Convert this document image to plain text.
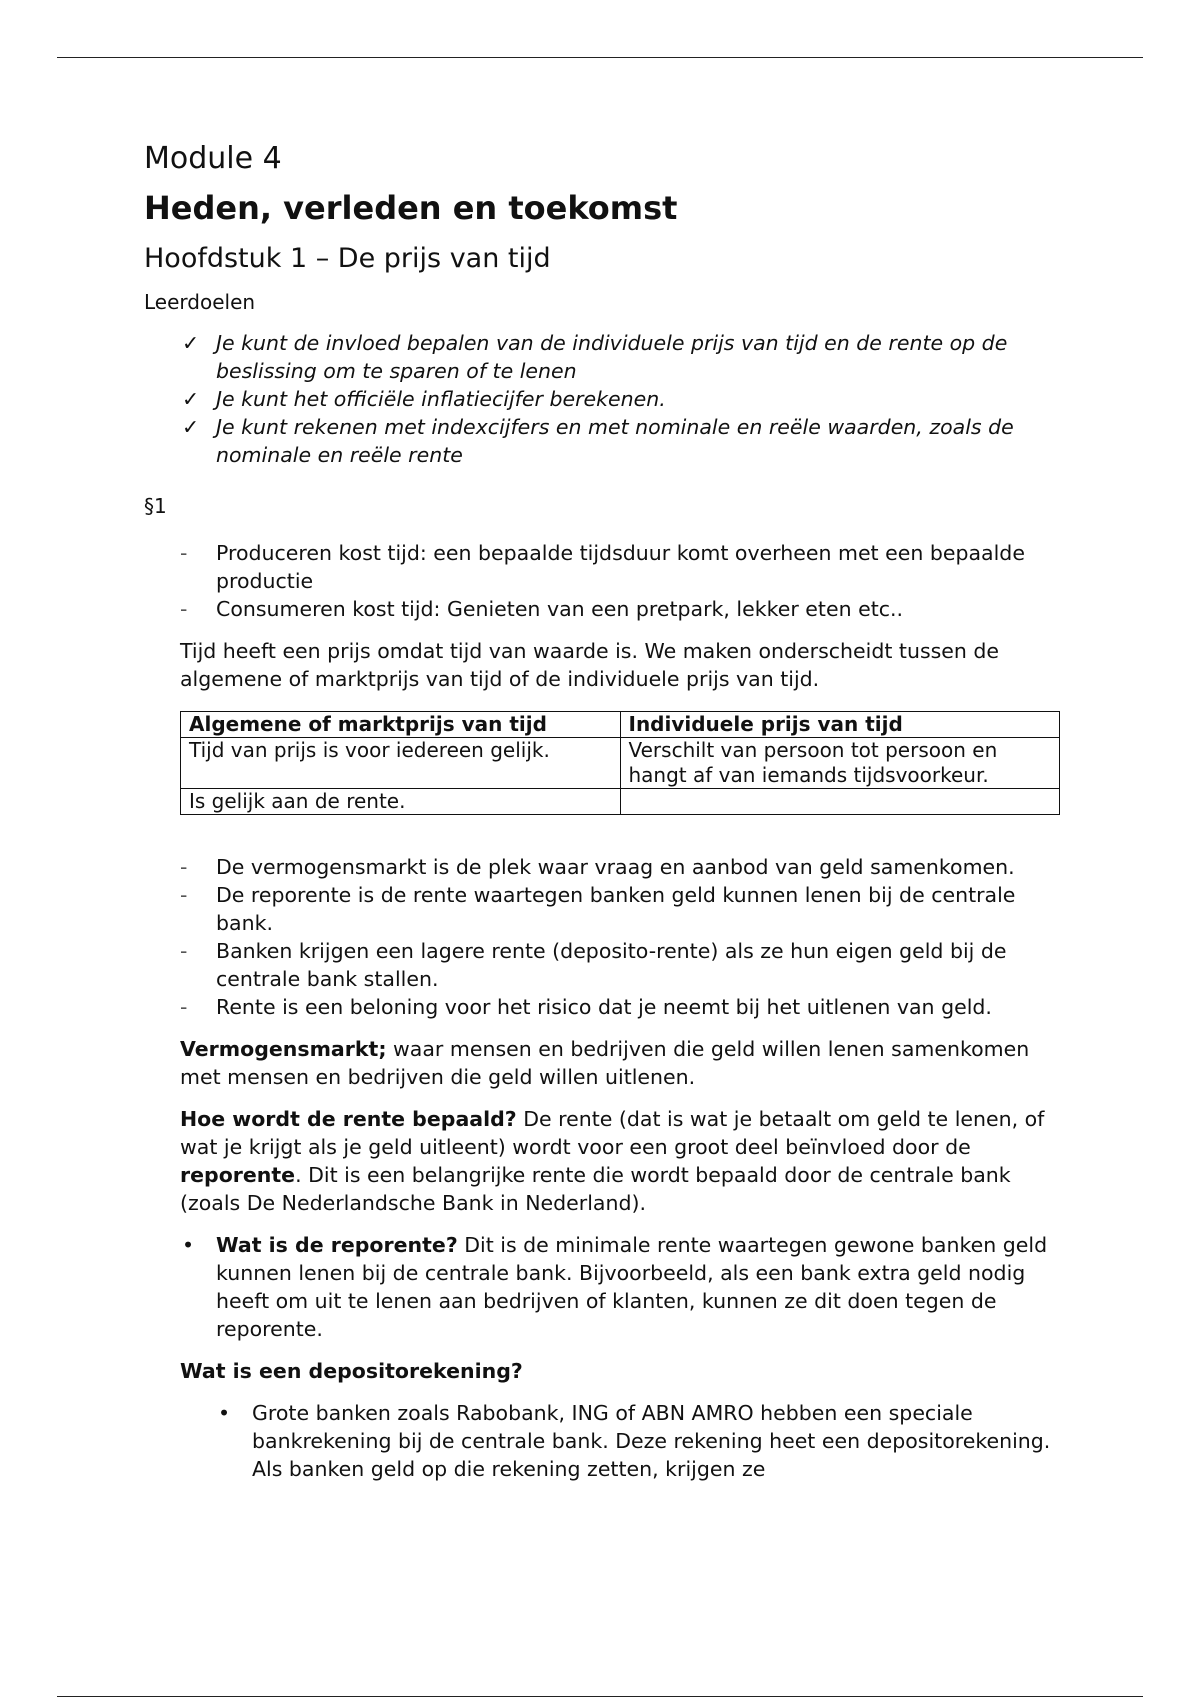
Module 4

Heden, verleden en toekomst

Hoofdstuk 1 – De prijs van tijd

Leerdoelen

✓ Je kunt de invloed bepalen van de individuele prijs van tijd en de rente op de beslissing om te sparen of te lenen
✓ Je kunt het officiële inflatiecijfer berekenen.
✓ Je kunt rekenen met indexcijfers en met nominale en reële waarden, zoals de nominale en reële rente

§1

- Produceren kost tijd: een bepaalde tijdsduur komt overheen met een bepaalde productie
- Consumeren kost tijd: Genieten van een pretpark, lekker eten etc..

Tijd heeft een prijs omdat tijd van waarde is. We maken onderscheidt tussen de algemene of marktprijs van tijd of de individuele prijs van tijd.

Algemene of marktprijs van tijd	Individuele prijs van tijd
Tijd van prijs is voor iedereen gelijk.	Verschilt van persoon tot persoon en hangt af van iemands tijdsvoorkeur.
Is gelijk aan de rente.	
- De vermogensmarkt is de plek waar vraag en aanbod van geld samenkomen.
- De reporente is de rente waartegen banken geld kunnen lenen bij de centrale bank.
- Banken krijgen een lagere rente (deposito-rente) als ze hun eigen geld bij de centrale bank stallen.
- Rente is een beloning voor het risico dat je neemt bij het uitlenen van geld.

Vermogensmarkt; waar mensen en bedrijven die geld willen lenen samenkomen met mensen en bedrijven die geld willen uitlenen.

Hoe wordt de rente bepaald? De rente (dat is wat je betaalt om geld te lenen, of wat je krijgt als je geld uitleent) wordt voor een groot deel beïnvloed door de reporente. Dit is een belangrijke rente die wordt bepaald door de centrale bank (zoals De Nederlandsche Bank in Nederland).

• Wat is de reporente? Dit is de minimale rente waartegen gewone banken geld kunnen lenen bij de centrale bank. Bijvoorbeeld, als een bank extra geld nodig heeft om uit te lenen aan bedrijven of klanten, kunnen ze dit doen tegen de reporente.

Wat is een depositorekening?

• Grote banken zoals Rabobank, ING of ABN AMRO hebben een speciale bankrekening bij de centrale bank. Deze rekening heet een depositorekening. Als banken geld op die rekening zetten, krijgen ze
